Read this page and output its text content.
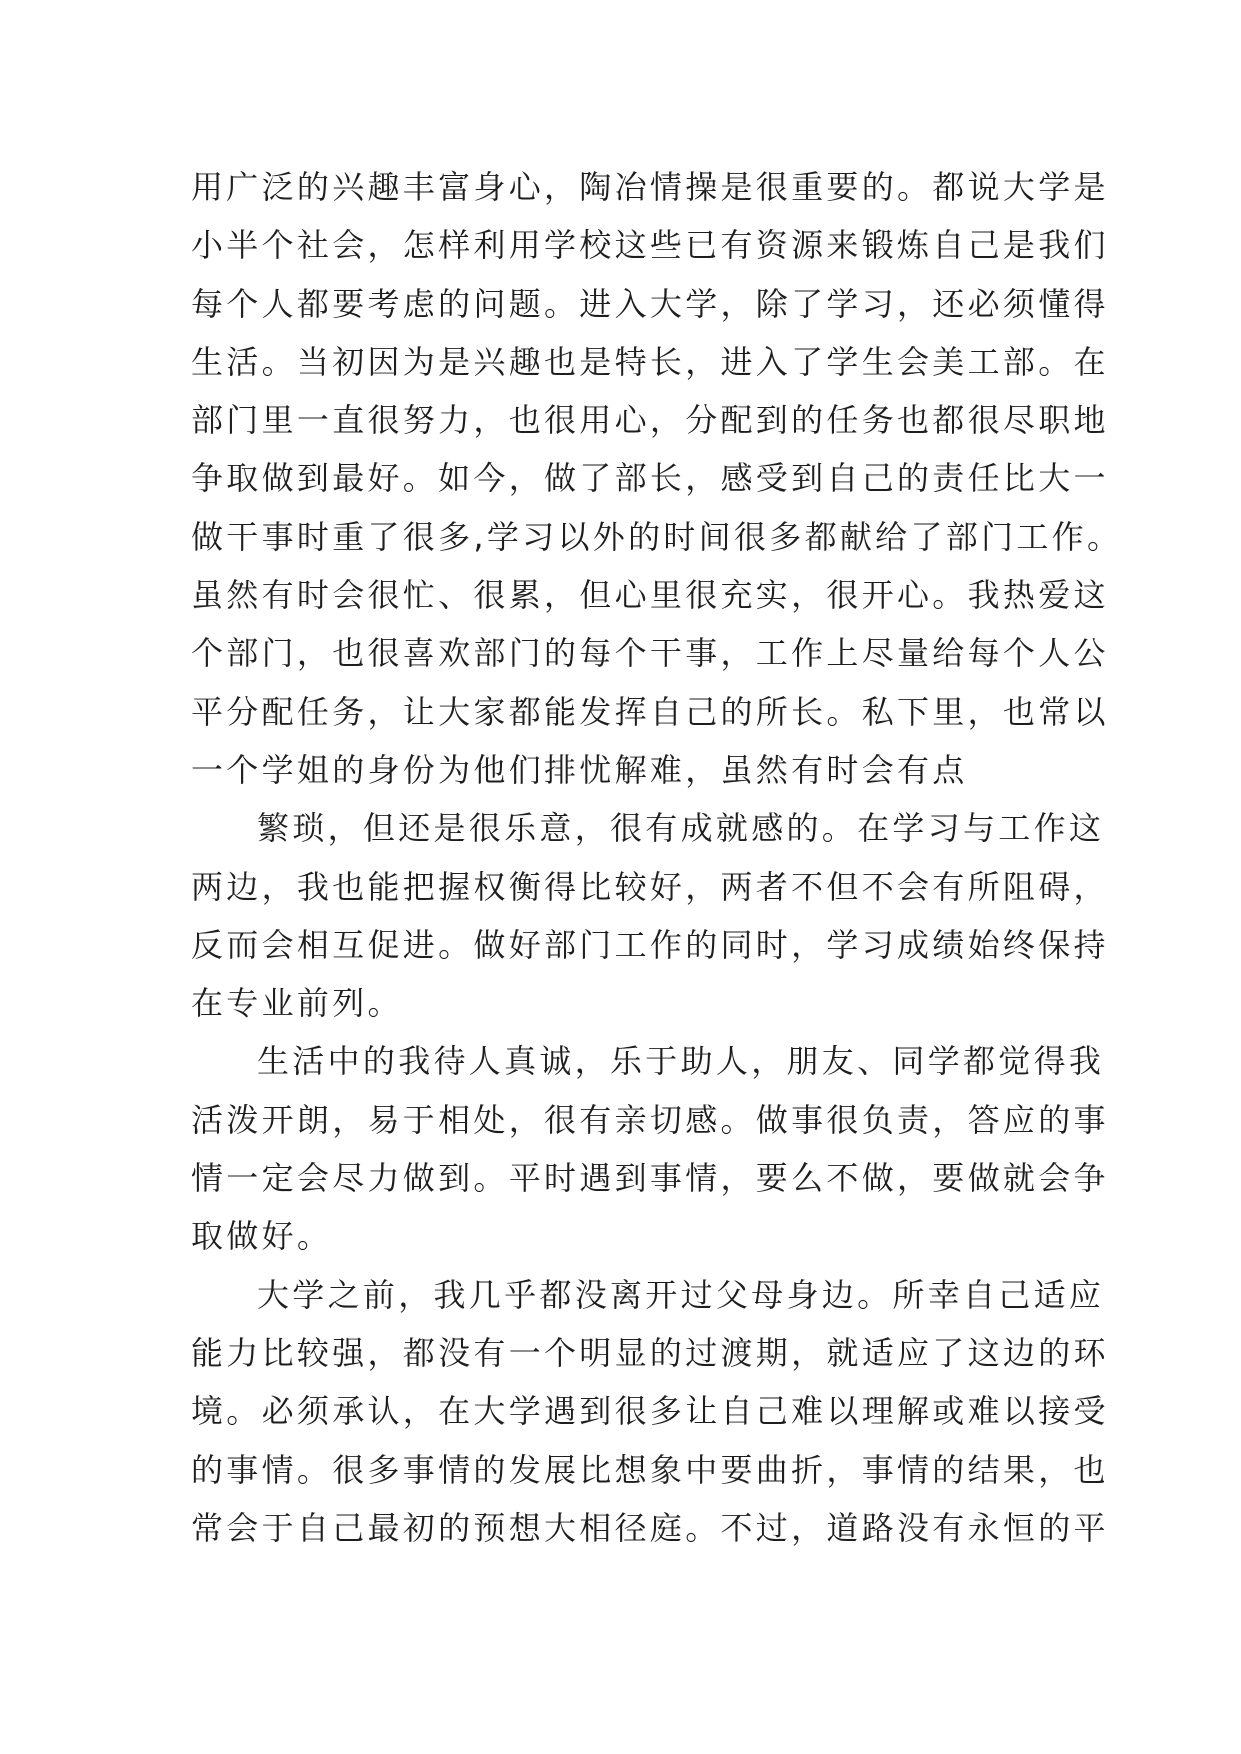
用广泛的兴趣丰富身心，陶冶情操是很重要的。都说大学是
小半个社会，怎样利用学校这些已有资源来锻炼自己是我们
每个人都要考虑的问题。进入大学，除了学习，还必须懂得
生活。当初因为是兴趣也是特长，进入了学生会美工部。在
部门里一直很努力，也很用心，分配到的任务也都很尽职地
争取做到最好。如今，做了部长，感受到自己的责任比大一
做干事时重了很多,学习以外的时间很多都献给了部门工作。
虽然有时会很忙、很累，但心里很充实，很开心。我热爱这
个部门，也很喜欢部门的每个干事，工作上尽量给每个人公
平分配任务，让大家都能发挥自己的所长。私下里，也常以
一个学姐的身份为他们排忧解难，虽然有时会有点
繁琐，但还是很乐意，很有成就感的。在学习与工作这
两边，我也能把握权衡得比较好，两者不但不会有所阻碍，
反而会相互促进。做好部门工作的同时，学习成绩始终保持
在专业前列。
生活中的我待人真诚，乐于助人，朋友、同学都觉得我
活泼开朗，易于相处，很有亲切感。做事很负责，答应的事
情一定会尽力做到。平时遇到事情，要么不做，要做就会争
取做好。
大学之前，我几乎都没离开过父母身边。所幸自己适应
能力比较强，都没有一个明显的过渡期，就适应了这边的环
境。必须承认，在大学遇到很多让自己难以理解或难以接受
的事情。很多事情的发展比想象中要曲折，事情的结果，也
常会于自己最初的预想大相径庭。不过，道路没有永恒的平
